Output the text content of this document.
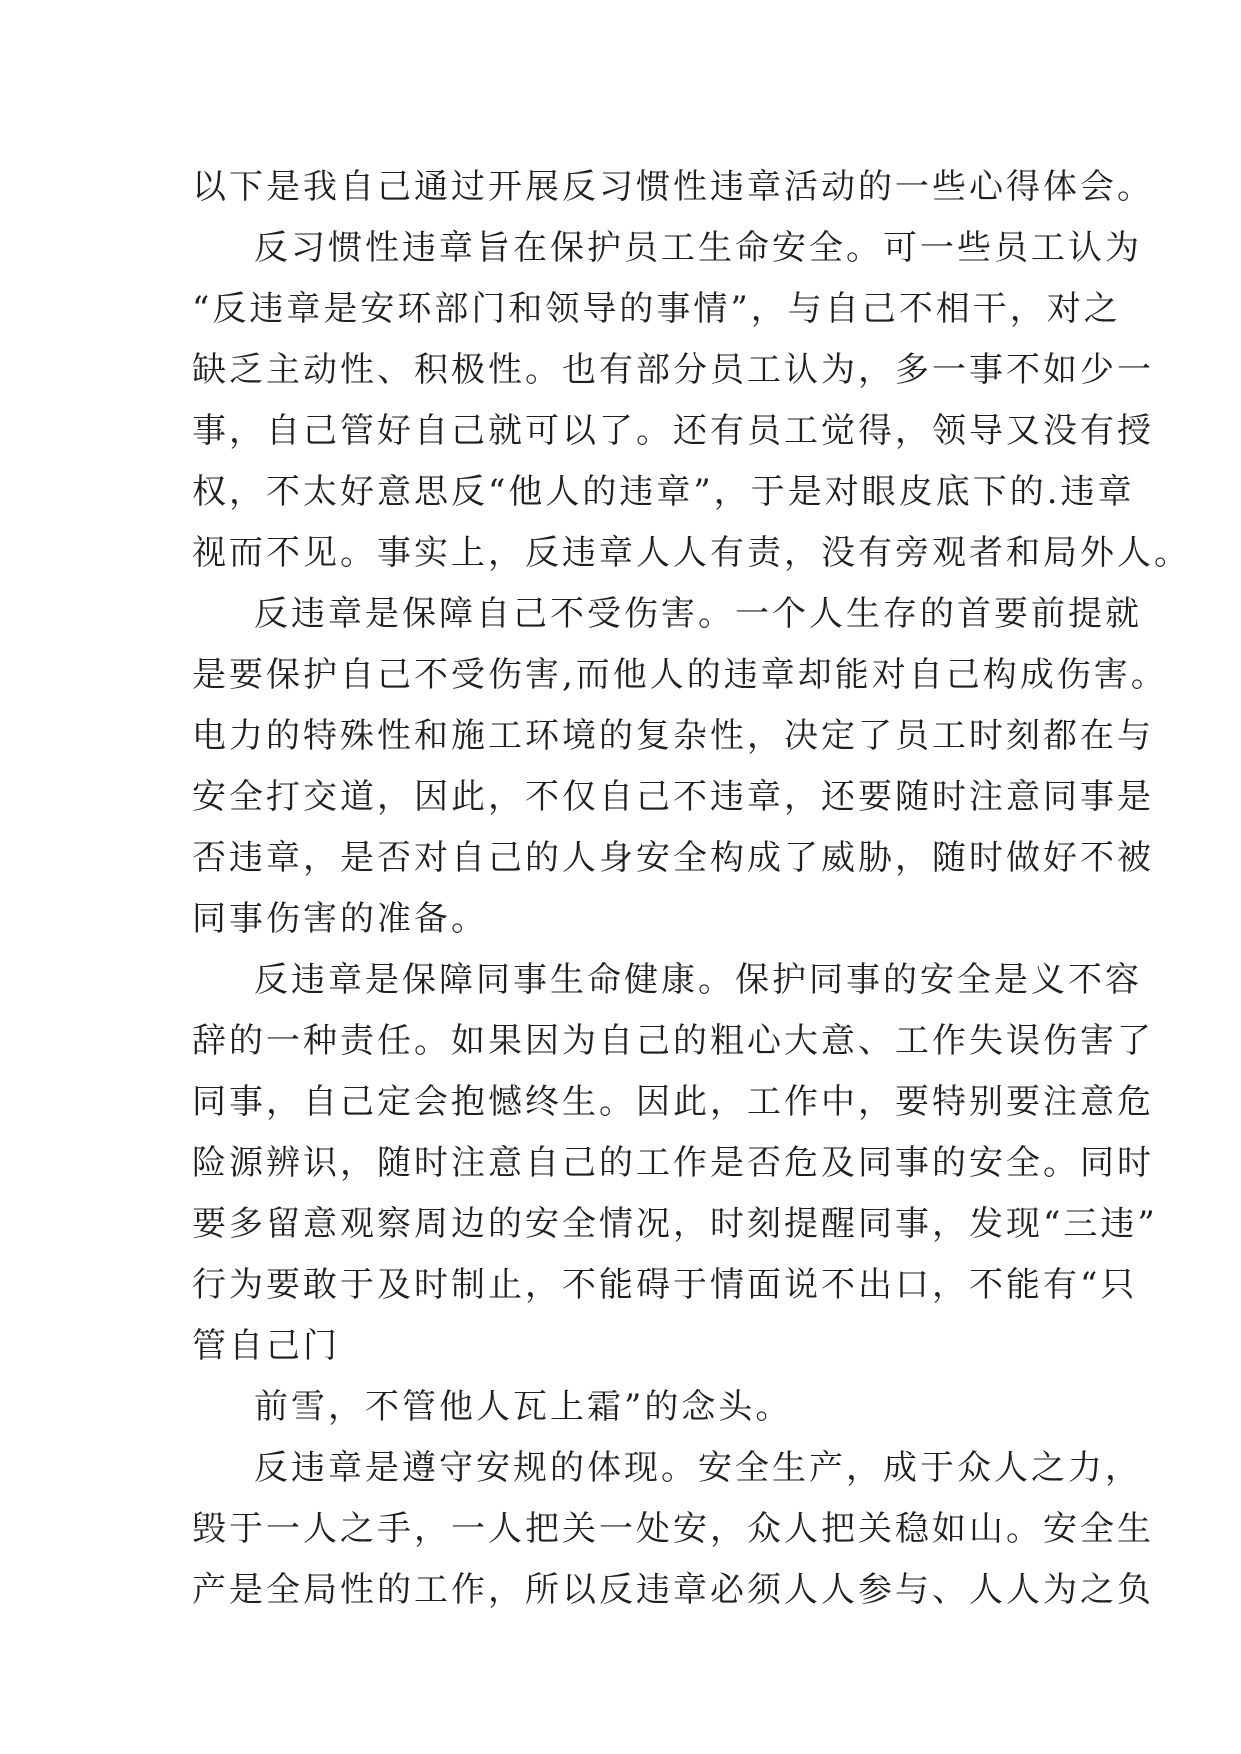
以下是我自己通过开展反习惯性违章活动的一些心得体会。
反习惯性违章旨在保护员工生命安全。可一些员工认为
“反违章是安环部门和领导的事情”，与自己不相干，对之
缺乏主动性、积极性。也有部分员工认为，多一事不如少一
事，自己管好自己就可以了。还有员工觉得，领导又没有授
权，不太好意思反“他人的违章”，于是对眼皮底下的.违章
视而不见。事实上，反违章人人有责，没有旁观者和局外人。
反违章是保障自己不受伤害。一个人生存的首要前提就
是要保护自己不受伤害,而他人的违章却能对自己构成伤害。
电力的特殊性和施工环境的复杂性，决定了员工时刻都在与
安全打交道，因此，不仅自己不违章，还要随时注意同事是
否违章，是否对自己的人身安全构成了威胁，随时做好不被
同事伤害的准备。
反违章是保障同事生命健康。保护同事的安全是义不容
辞的一种责任。如果因为自己的粗心大意、工作失误伤害了
同事，自己定会抱憾终生。因此，工作中，要特别要注意危
险源辨识，随时注意自己的工作是否危及同事的安全。同时
要多留意观察周边的安全情况，时刻提醒同事，发现“三违”
行为要敢于及时制止，不能碍于情面说不出口，不能有“只
管自己门
前雪，不管他人瓦上霜”的念头。
反违章是遵守安规的体现。安全生产，成于众人之力，
毁于一人之手，一人把关一处安，众人把关稳如山。安全生
产是全局性的工作，所以反违章必须人人参与、人人为之负
